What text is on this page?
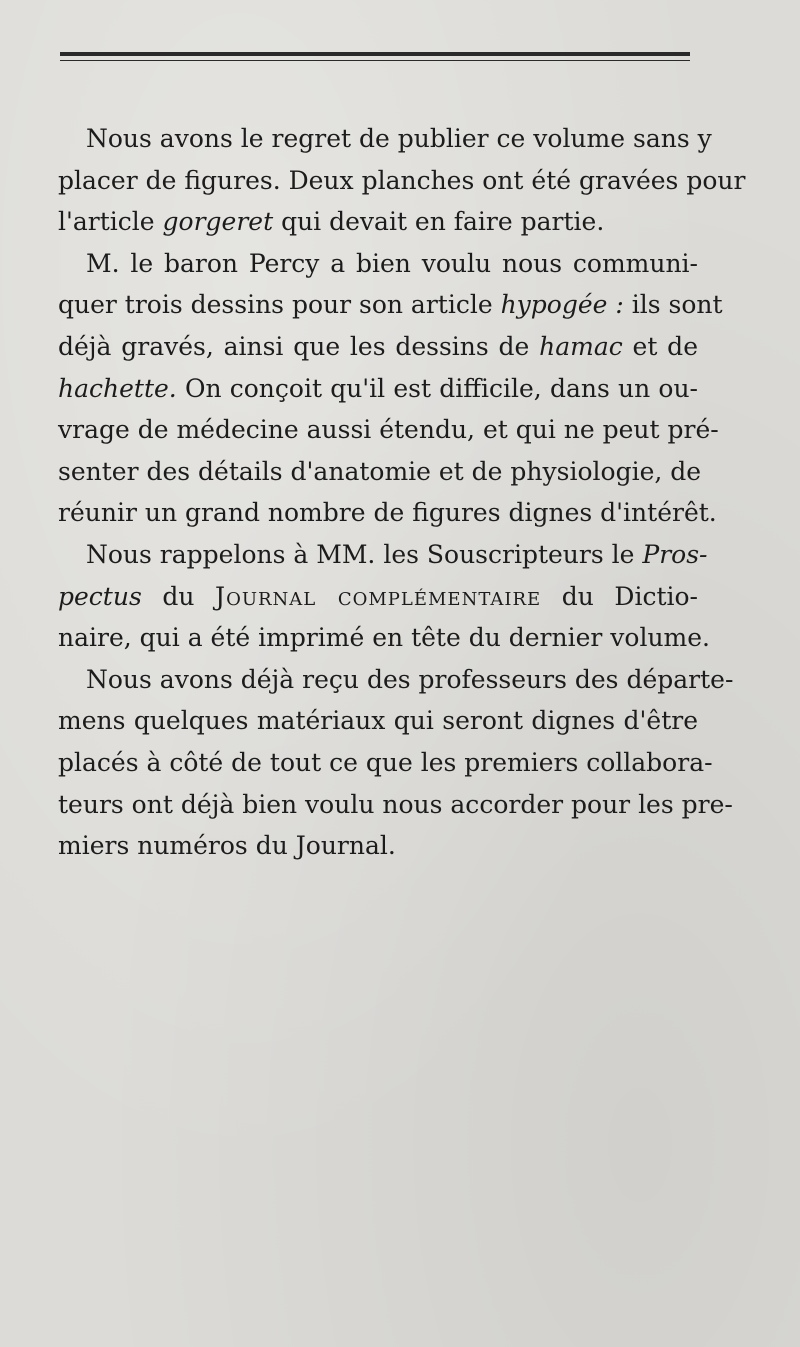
Nous avons le regret de publier ce volume sans y
placer de figures. Deux planches ont été gravées pour
l'article gorgeret qui devait en faire partie.

M. le baron Percy a bien voulu nous communi-
quer trois dessins pour son article hypogée : ils sont
déjà gravés, ainsi que les dessins de hamac et de
hachette. On conçoit qu'il est difficile, dans un ou-
vrage de médecine aussi étendu, et qui ne peut pré-
senter des détails d'anatomie et de physiologie, de
réunir un grand nombre de figures dignes d'intérêt.

Nous rappelons à MM. les Souscripteurs le Pros-
pectus du Journal complémentaire du Dictio-
naire, qui a été imprimé en tête du dernier volume.

Nous avons déjà reçu des professeurs des départe-
mens quelques matériaux qui seront dignes d'être
placés à côté de tout ce que les premiers collabora-
teurs ont déjà bien voulu nous accorder pour les pre-
miers numéros du Journal.
